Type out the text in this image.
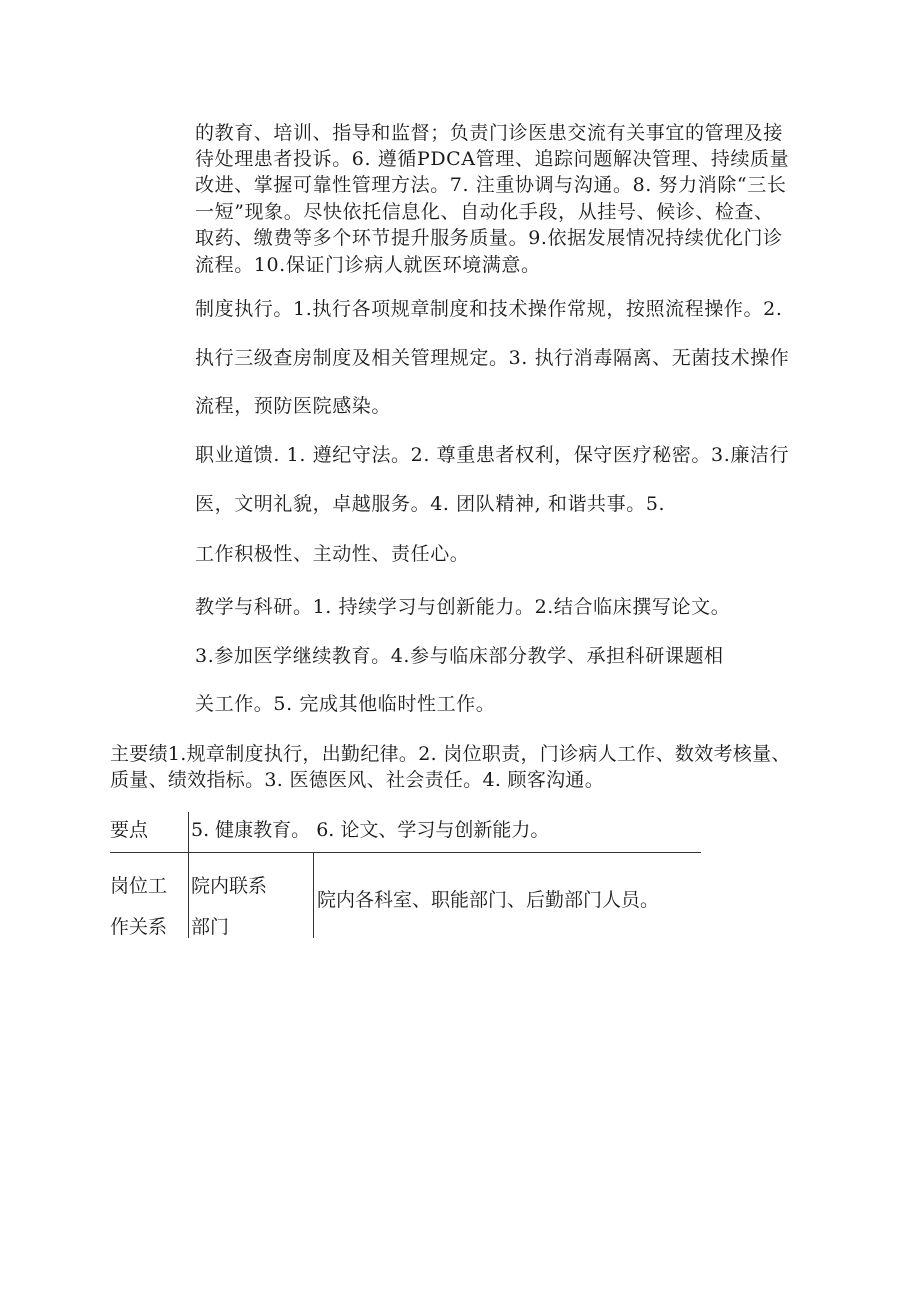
的教育、培训、指导和监督；负责门诊医患交流有关事宜的管理及接
待处理患者投诉。6. 遵循PDCA管理、追踪问题解决管理、持续质量
改进、掌握可靠性管理方法。7. 注重协调与沟通。8. 努力消除“三长
一短”现象。尽快依托信息化、自动化手段，从挂号、候诊、检查、
取药、缴费等多个环节提升服务质量。9.依据发展情况持续优化门诊
流程。10.保证门诊病人就医环境满意。
制度执行。1.执行各项规章制度和技术操作常规，按照流程操作。2.
执行三级查房制度及相关管理规定。3. 执行消毒隔离、无菌技术操作
流程，预防医院感染。
职业道馈. 1. 遵纪守法。2. 尊重患者权利，保守医疗秘密。3.廉洁行
医，文明礼貌，卓越服务。4. 团队精神, 和谐共事。5.
工作积极性、主动性、责任心。
教学与科研。1. 持续学习与创新能力。2.结合临床撰写论文。
3.参加医学继续教育。4.参与临床部分教学、承担科研课题相
关工作。5. 完成其他临时性工作。
主要绩1.规章制度执行，出勤纪律。2. 岗位职责，门诊病人工作、数效考核量、
质量、绩效指标。3. 医德医风、社会责任。4. 顾客沟通。
要点 5. 健康教育。 6. 论文、学习与创新能力。
岗位工
作关系
院内联系
部门
院内各科室、职能部门、后勤部门人员。
